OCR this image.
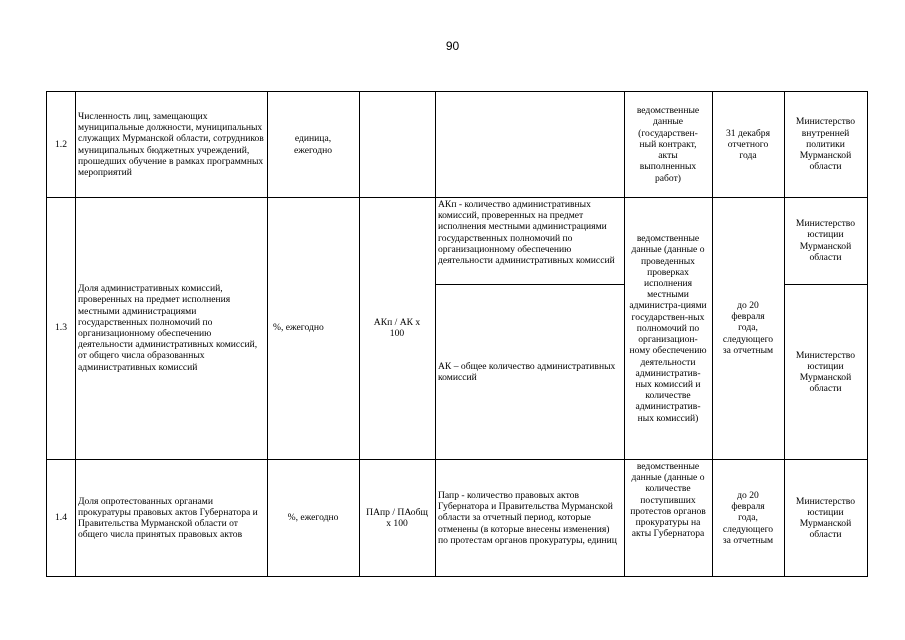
90
1.2
Численность лиц, замещающих муниципальные должности, муниципальных служащих Мурманской области, сотрудников муниципальных бюджетных учреждений, прошедших обучение в рамках программных мероприятий
единица, ежегодно
ведомственные данные (государствен-ный контракт, акты выполненных работ)
31 декабря отчетного года
Министерство внутренней политики Мурманской области
1.3
Доля административных комиссий, проверенных на предмет исполнения местными администрациями государственных полномочий по организационному обеспечению деятельности административных комиссий, от общего числа образованных административных комиссий
%, ежегодно
АКп / АК x 100
АКп - количество административных комиссий, проверенных на предмет исполнения местными администрациями государственных полномочий по организационному обеспечению деятельности административных комиссий
АК – общее количество административных комиссий
ведомственные данные (данные о проведенных проверках исполнения местными администра-циями государствен-ных полномочий по организацион-ному обеспечению деятельности административ-ных комиссий и количестве административ-ных комиссий)
до 20 февраля года, следующего за отчетным
Министерство юстиции Мурманской области
Министерство юстиции Мурманской области
1.4
Доля опротестованных органами прокуратуры правовых актов Губернатора и Правительства Мурманской области от общего числа принятых правовых актов
%, ежегодно
ПАпр / ПАобщ x 100
Папр - количество правовых актов Губернатора и Правительства Мурманской области за отчетный период, которые отменены (в которые внесены изменения) по протестам органов прокуратуры, единиц
ведомственные данные (данные о количестве поступивших протестов органов прокуратуры на акты Губернатора
до 20 февраля года, следующего за отчетным
Министерство юстиции Мурманской области
